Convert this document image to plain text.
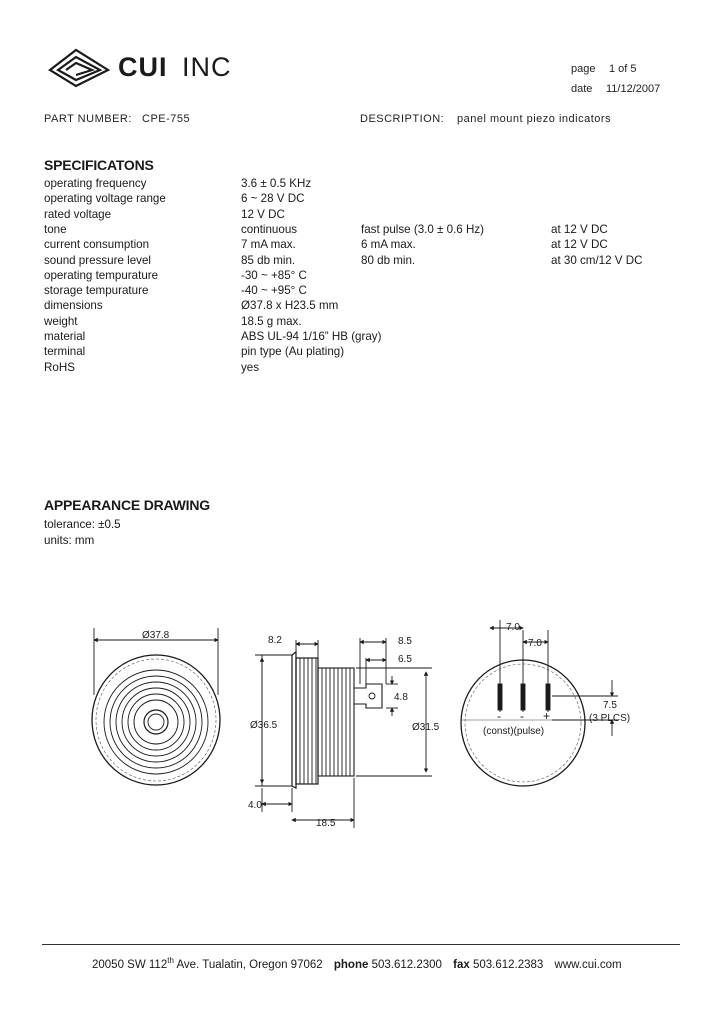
CUI INC	page 1 of 5
date 11/12/2007
PART NUMBER: CPE-755	DESCRIPTION: panel mount piezo indicators
SPECIFICATONS
operating frequency	3.6 ± 0.5 KHz
operating voltage range	6 ~ 28 V DC
rated voltage	12 V DC
tone	continuous	fast pulse (3.0 ± 0.6 Hz)	at 12 V DC
current consumption	7 mA max.	6 mA max.	at 12 V DC
sound pressure level	85 db min.	80 db min.	at 30 cm/12 V DC
operating tempurature	-30 ~ +85° C
storage tempurature	-40 ~ +95° C
dimensions	Ø37.8 x H23.5 mm
weight	18.5 g max.
material	ABS UL-94 1/16” HB (gray)
terminal	pin type (Au plating)
RoHS	yes
APPEARANCE DRAWING
tolerance: ±0.5
units: mm
Ø37.8	8.2	8.5
6.5
4.8
Ø36.5	Ø31.5
4.0
18.5
7.0
7.0
7.5
(3 PLCS)
- - +
(const)(pulse)
20050 SW 112th Ave. Tualatin, Oregon 97062 phone 503.612.2300 fax 503.612.2383 www.cui.com
